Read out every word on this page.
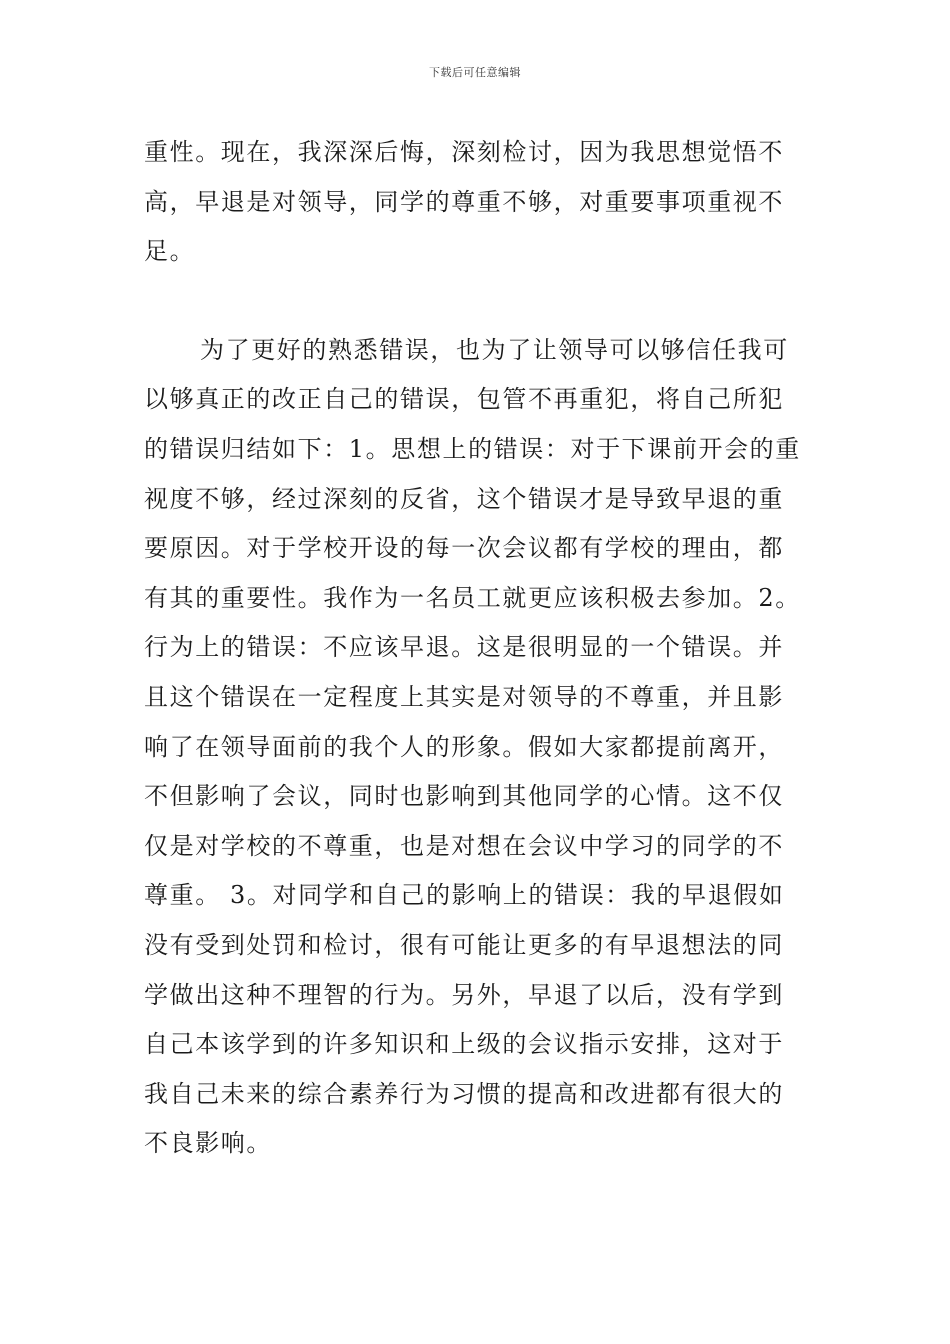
下载后可任意编辑
重性。现在，我深深后悔，深刻检讨，因为我思想觉悟不
高，早退是对领导，同学的尊重不够，对重要事项重视不
足。
为了更好的熟悉错误，也为了让领导可以够信任我可
以够真正的改正自己的错误，包管不再重犯，将自己所犯
的错误归结如下：1。思想上的错误：对于下课前开会的重
视度不够，经过深刻的反省，这个错误才是导致早退的重
要原因。对于学校开设的每一次会议都有学校的理由，都
有其的重要性。我作为一名员工就更应该积极去参加。2。
行为上的错误：不应该早退。这是很明显的一个错误。并
且这个错误在一定程度上其实是对领导的不尊重，并且影
响了在领导面前的我个人的形象。假如大家都提前离开，
不但影响了会议，同时也影响到其他同学的心情。这不仅
仅是对学校的不尊重，也是对想在会议中学习的同学的不
尊重。 3。对同学和自己的影响上的错误：我的早退假如
没有受到处罚和检讨，很有可能让更多的有早退想法的同
学做出这种不理智的行为。另外，早退了以后，没有学到
自己本该学到的许多知识和上级的会议指示安排，这对于
我自己未来的综合素养行为习惯的提高和改进都有很大的
不良影响。
